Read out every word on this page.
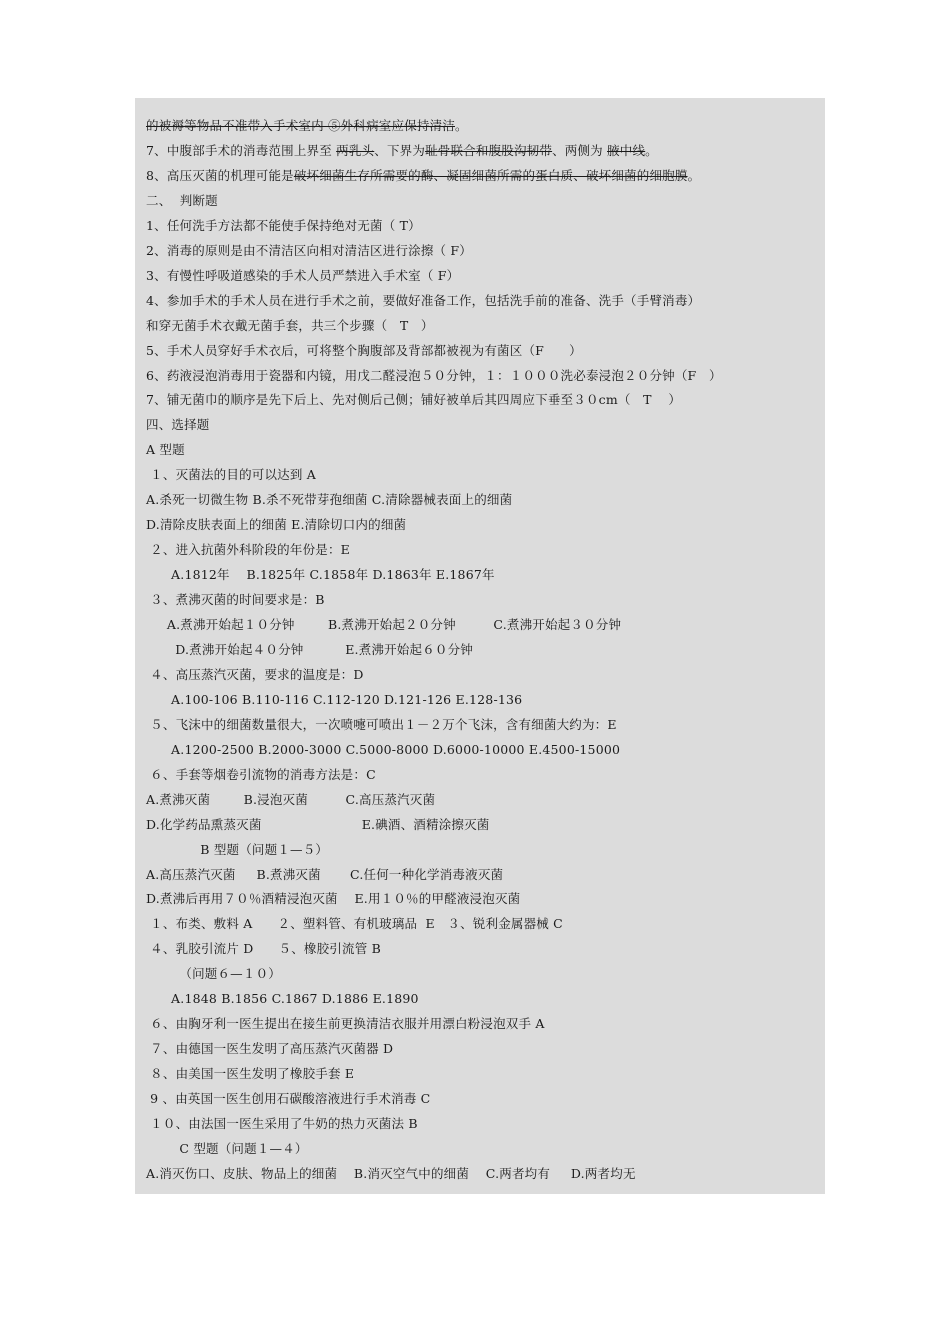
的被褥等物品不准带入手术室内 ⑤外科病室应保持清洁。
7、中腹部手术的消毒范围上界至 两乳头、下界为耻骨联合和腹股沟韧带、两侧为 腋中线。
8、高压灭菌的机理可能是破坏细菌生存所需要的酶、凝固细菌所需的蛋白质、破坏细菌的细胞膜。
二、  判断题
1、任何洗手方法都不能使手保持绝对无菌（ T）
2、消毒的原则是由不清洁区向相对清洁区进行涂擦（ F）
3、有慢性呼吸道感染的手术人员严禁进入手术室（ F）
4、参加手术的手术人员在进行手术之前，要做好准备工作，包括洗手前的准备、洗手（手臂消毒）
和穿无菌手术衣戴无菌手套，共三个步骤（   T   ）
5、手术人员穿好手术衣后，可将整个胸腹部及背部都被视为有菌区（F      ）
6、药液浸泡消毒用于瓷器和内镜，用戊二醛浸泡５０分钟，１：１０００洗必泰浸泡２０分钟（F   ）
7、铺无菌巾的顺序是先下后上、先对侧后己侧；铺好被单后其四周应下垂至３０cm（   T    ）
四、选择题
A 型题
１、灭菌法的目的可以达到 A
A.杀死一切微生物 B.杀不死带芽孢细菌 C.清除器械表面上的细菌
D.清除皮肤表面上的细菌 E.清除切口内的细菌
２、进入抗菌外科阶段的年份是：E
A.1812年    B.1825年 C.1858年 D.1863年 E.1867年
３、煮沸灭菌的时间要求是：B
A.煮沸开始起１０分钟        B.煮沸开始起２０分钟         C.煮沸开始起３０分钟
D.煮沸开始起４０分钟          E.煮沸开始起６０分钟
４、高压蒸汽灭菌，要求的温度是：D
A.100-106 B.110-116 C.112-120 D.121-126 E.128-136
５、飞沫中的细菌数量很大，一次喷嚏可喷出１－２万个飞沫，含有细菌大约为：E
A.1200-2500 B.2000-3000 C.5000-8000 D.6000-10000 E.4500-15000
６、手套等烟卷引流物的消毒方法是：C
A.煮沸灭菌        B.浸泡灭菌         C.高压蒸汽灭菌
D.化学药品熏蒸灭菌                        E.碘酒、酒精涂擦灭菌
B 型题（问题１—５）
A.高压蒸汽灭菌     B.煮沸灭菌       C.任何一种化学消毒液灭菌
D.煮沸后再用７０％酒精浸泡灭菌    E.用１０％的甲醛液浸泡灭菌
１、布类、敷料 A      ２、塑料管、有机玻璃品  E   ３、锐利金属器械 C
４、乳胶引流片 D      ５、橡胶引流管 B
（问题６—１０）
A.1848 B.1856 C.1867 D.1886 E.1890
６、由胸牙利一医生提出在接生前更换清洁衣服并用漂白粉浸泡双手 A
７、由德国一医生发明了高压蒸汽灭菌器 D
８、由美国一医生发明了橡胶手套 E
9 、由英国一医生创用石碳酸溶液进行手术消毒 C
１０、由法国一医生采用了牛奶的热力灭菌法 B
C 型题（问题１—４）
A.消灭伤口、皮肤、物品上的细菌    B.消灭空气中的细菌    C.两者均有     D.两者均无
